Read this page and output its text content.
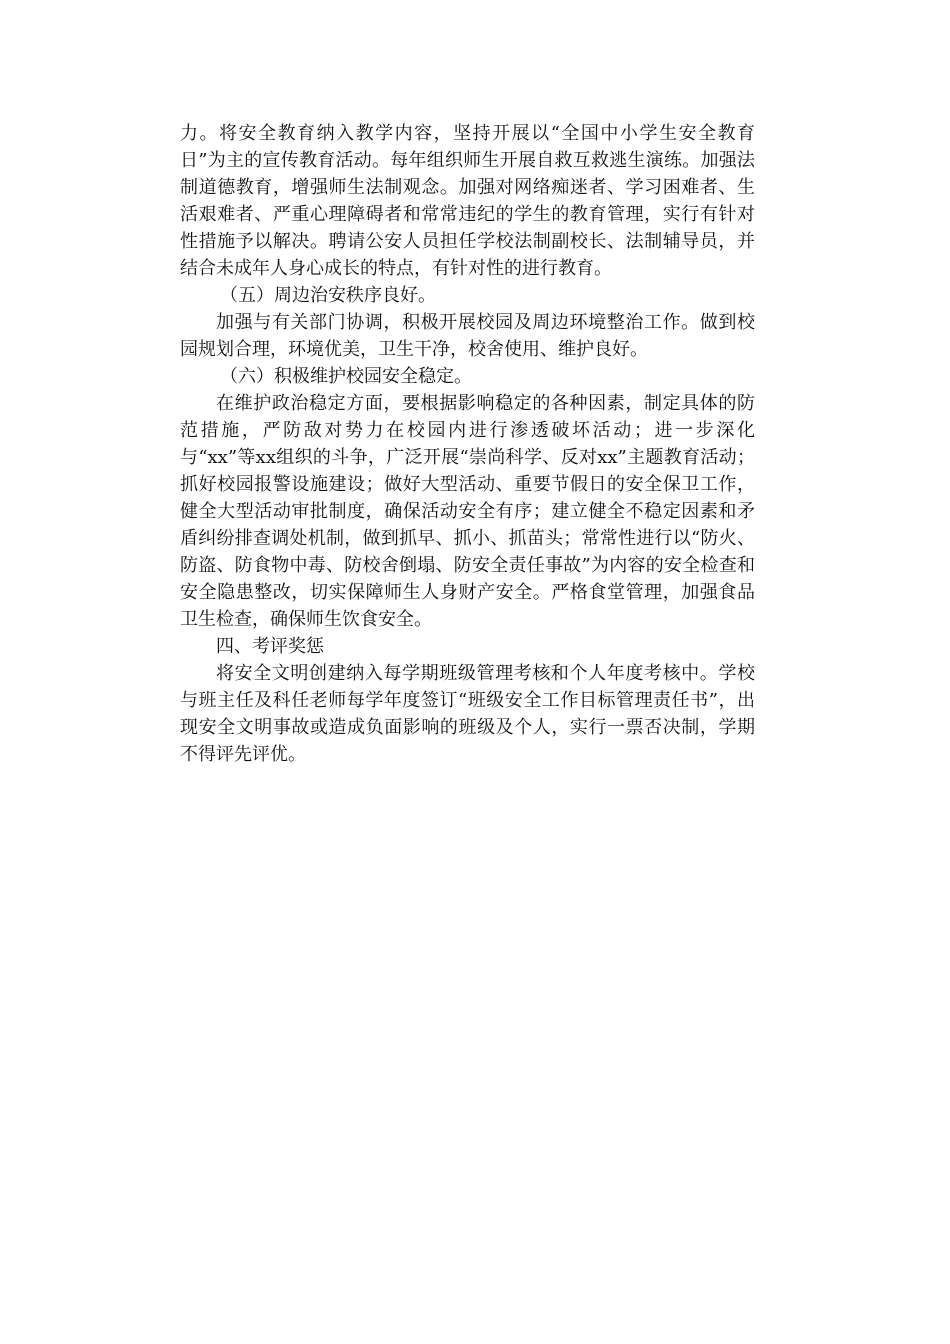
力。将安全教育纳入教学内容，坚持开展以“全国中小学生安全教育日”为主的宣传教育活动。每年组织师生开展自救互救逃生演练。加强法制道德教育，增强师生法制观念。加强对网络痴迷者、学习困难者、生活艰难者、严重心理障碍者和常常违纪的学生的教育管理，实行有针对性措施予以解决。聘请公安人员担任学校法制副校长、法制辅导员，并结合未成年人身心成长的特点，有针对性的进行教育。

（五）周边治安秩序良好。

加强与有关部门协调，积极开展校园及周边环境整治工作。做到校园规划合理，环境优美，卫生干净，校舍使用、维护良好。

（六）积极维护校园安全稳定。

在维护政治稳定方面，要根据影响稳定的各种因素，制定具体的防范措施，严防敌对势力在校园内进行渗透破坏活动；进一步深化与“xx”等xx组织的斗争，广泛开展“崇尚科学、反对xx”主题教育活动；抓好校园报警设施建设；做好大型活动、重要节假日的安全保卫工作，健全大型活动审批制度，确保活动安全有序；建立健全不稳定因素和矛盾纠纷排查调处机制，做到抓早、抓小、抓苗头；常常性进行以“防火、防盗、防食物中毒、防校舍倒塌、防安全责任事故”为内容的安全检查和安全隐患整改，切实保障师生人身财产安全。严格食堂管理，加强食品卫生检查，确保师生饮食安全。

四、考评奖惩

将安全文明创建纳入每学期班级管理考核和个人年度考核中。学校与班主任及科任老师每学年度签订“班级安全工作目标管理责任书”，出现安全文明事故或造成负面影响的班级及个人，实行一票否决制，学期不得评先评优。
